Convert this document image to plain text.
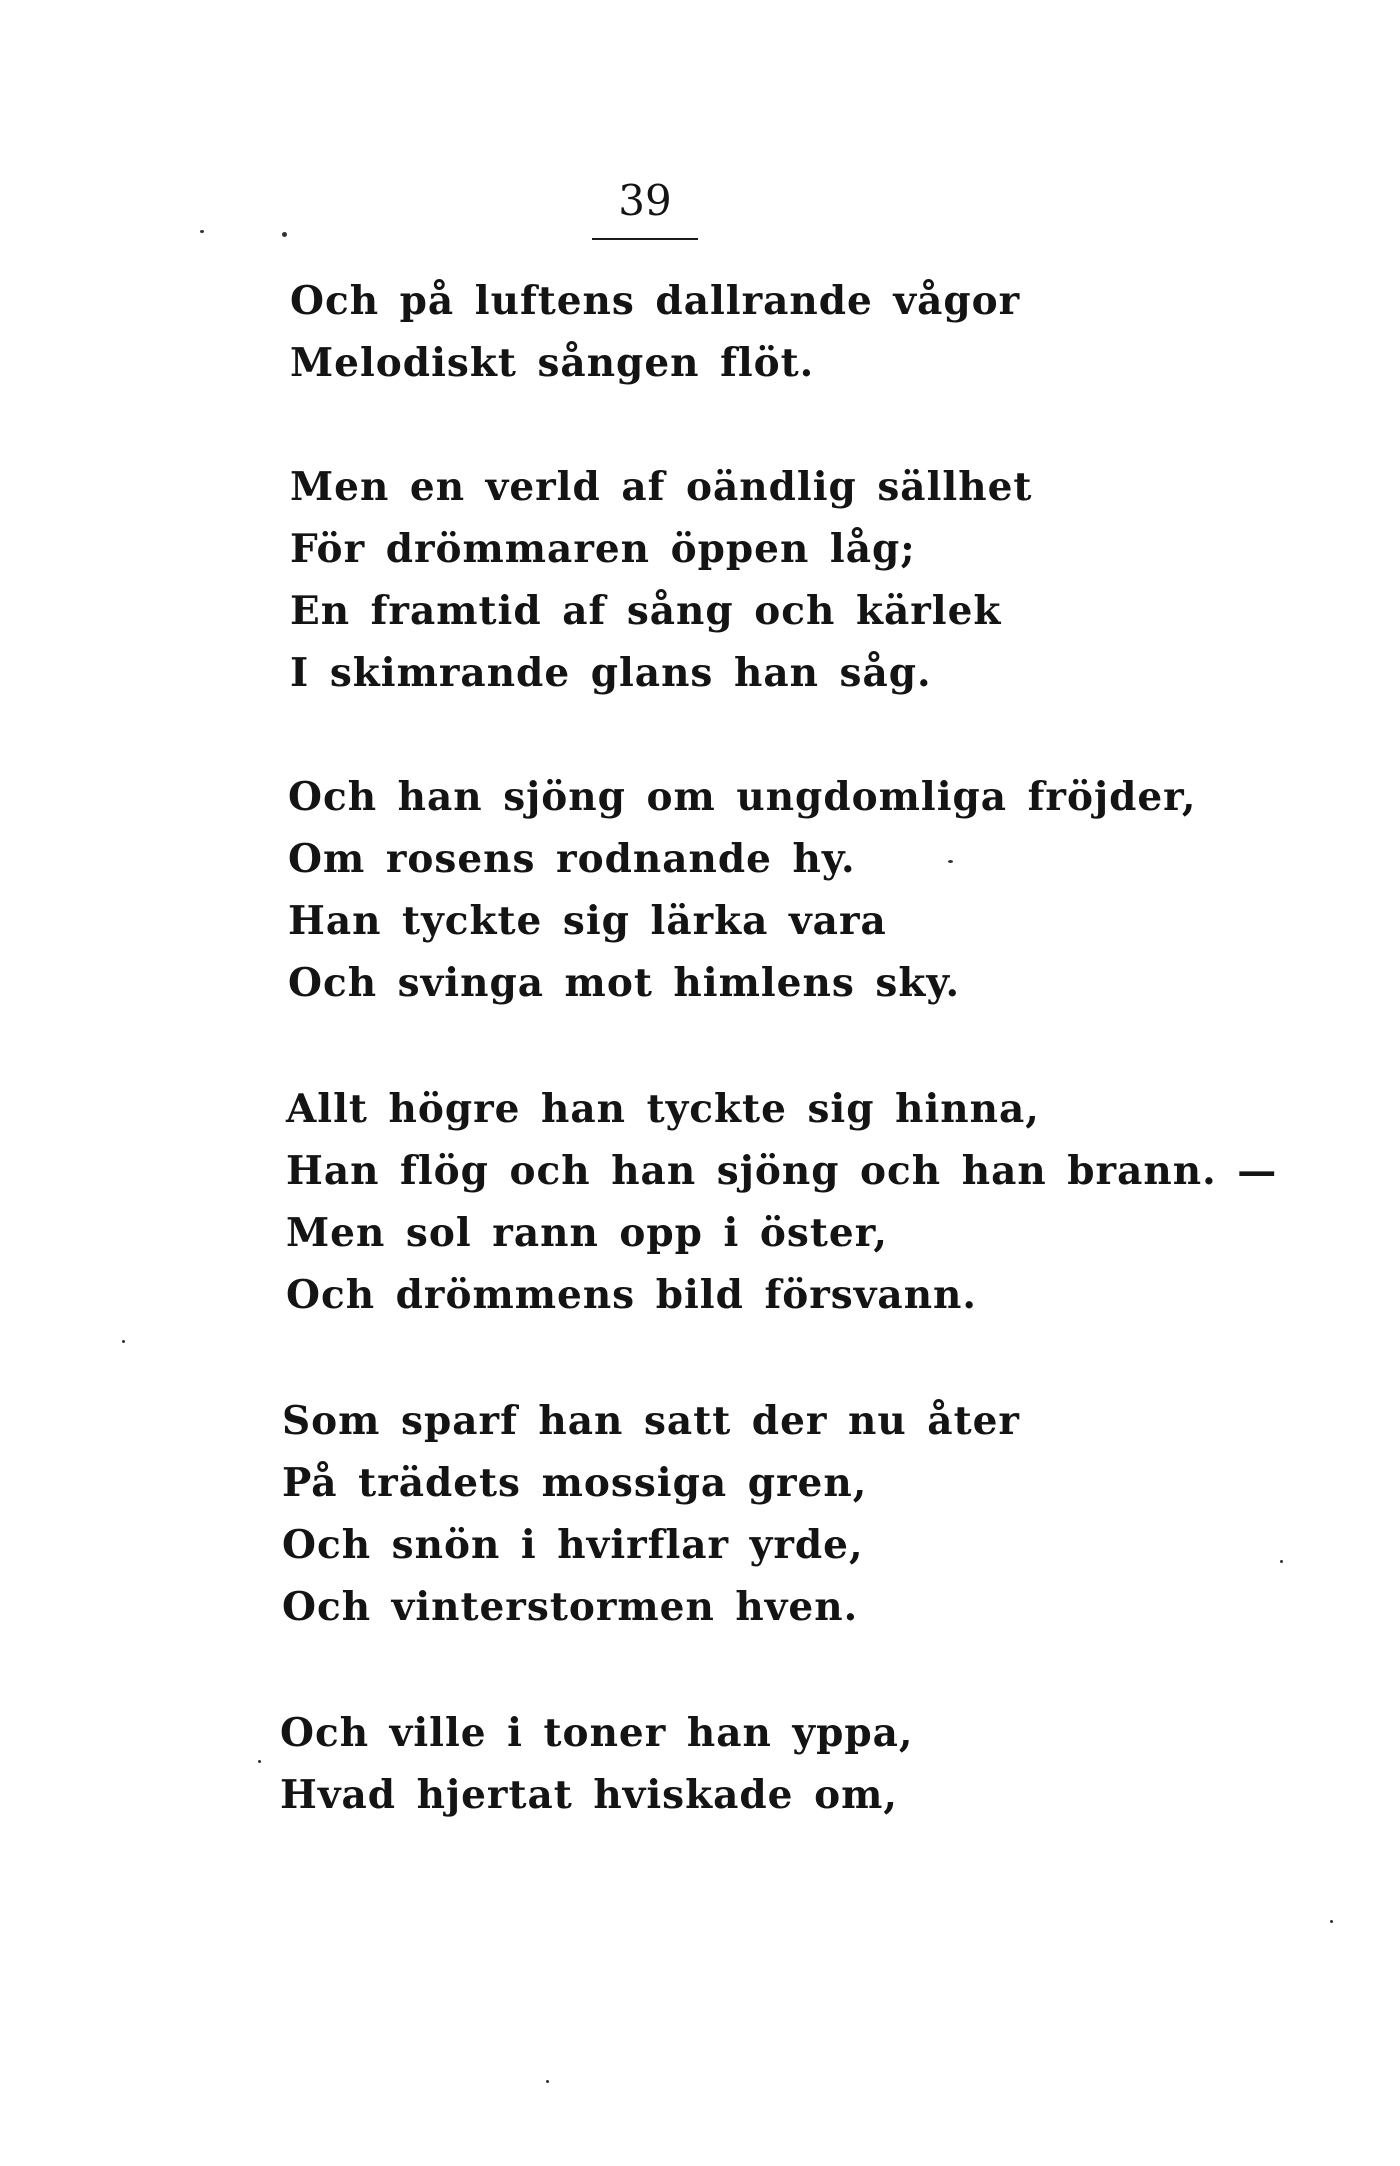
39
Och på luftens dallrande vågor
Melodiskt sången flöt.
Men en verld af oändlig sällhet
För drömmaren öppen låg;
En framtid af sång och kärlek
I skimrande glans han såg.
Och han sjöng om ungdomliga fröjder,
Om rosens rodnande hy.
Han tyckte sig lärka vara
Och svinga mot himlens sky.
Allt högre han tyckte sig hinna,
Han flög och han sjöng och han brann. —
Men sol rann opp i öster,
Och drömmens bild försvann.
Som sparf han satt der nu åter
På trädets mossiga gren,
Och snön i hvirflar yrde,
Och vinterstormen hven.
Och ville i toner han yppa,
Hvad hjertat hviskade om,
